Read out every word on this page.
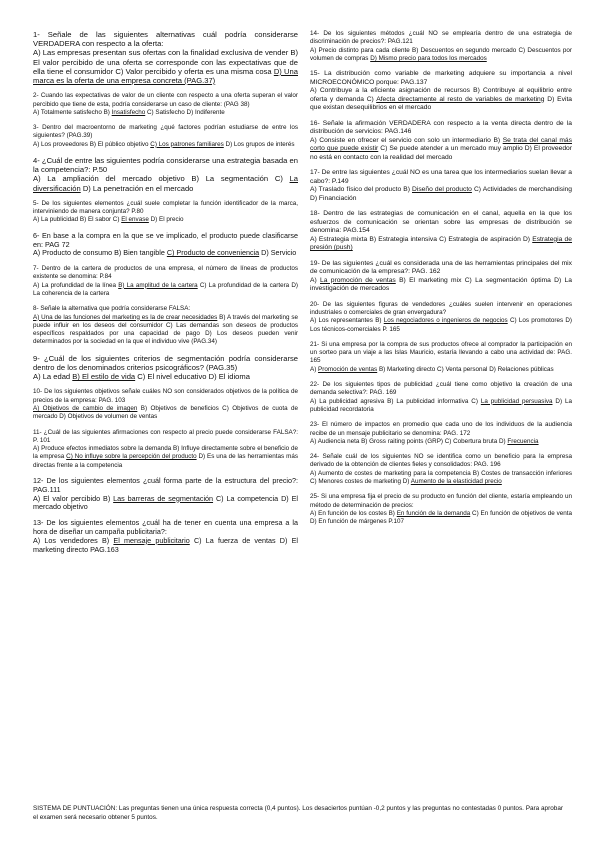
1- Señale de las siguientes alternativas cuál podría considerarse VERDADERA con respecto a la oferta:

A) Las empresas presentan sus ofertas con la finalidad exclusiva de vender B) El valor percibido de una oferta se corresponde con las expectativas que de ella tiene el consumidor C) Valor percibido y oferta es una misma cosa D) Una marca es la oferta de una empresa concreta (PAG.37)

2- Cuando las expectativas de valor de un cliente con respecto a una oferta superan el valor percibido que tiene de esta, podría considerarse un caso de cliente: (PAG 38)

A) Totalmente satisfecho B) Insatisfecho C) Satisfecho D) Indiferente

3- Dentro del macroentorno de marketing ¿qué factores podrían estudiarse de entre los siguientes? (PAG.39)

A) Los proveedores B) El público objetivo C) Los patrones familiares D) Los grupos de interés

4- ¿Cuál de entre las siguientes podría considerarse una estrategia basada en la competencia?: P.50

A) La ampliación del mercado objetivo B) La segmentación C) La diversificación D) La penetración en el mercado

5- De los siguientes elementos ¿cuál suele completar la función identificador de la marca, interviniendo de manera conjunta? P.80

A) La publicidad B) El sabor C) El envase D) El precio

6- En base a la compra en la que se ve implicado, el producto puede clasificarse en: PAG 72

A) Producto de consumo B) Bien tangible C) Producto de conveniencia D) Servicio

7- Dentro de la cartera de productos de una empresa, el número de líneas de productos existente se denomina: P.84

A) La profundidad de la línea B) La amplitud de la cartera C) La profundidad de la cartera D) La coherencia de la cartera

8- Señale la alternativa que podría considerarse FALSA:

A) Una de las funciones del marketing es la de crear necesidades B) A través del marketing se puede influir en los deseos del consumidor C) Las demandas son deseos de productos específicos respaldados por una capacidad de pago D) Los deseos pueden venir determinados por la sociedad en la que el individuo vive (PAG.34)

9- ¿Cuál de los siguientes criterios de segmentación podría considerarse dentro de los denominados criterios psicográficos? (PAG.35)

A) La edad B) El estilo de vida C) El nivel educativo D) El idioma

10- De los siguientes objetivos señale cuáles NO son considerados objetivos de la política de precios de la empresa: PAG. 103

A) Objetivos de cambio de imagen B) Objetivos de beneficios C) Objetivos de cuota de mercado D) Objetivos de volumen de ventas

11- ¿Cuál de las siguientes afirmaciones con respecto al precio puede considerarse FALSA?: P. 101

A) Produce efectos inmediatos sobre la demanda B) Influye directamente sobre el beneficio de la empresa C) No influye sobre la percepción del producto D) Es una de las herramientas más directas frente a la competencia

12- De los siguientes elementos ¿cuál forma parte de la estructura del precio?: PAG.111

A) El valor percibido B) Las barreras de segmentación C) La competencia D) El mercado objetivo

13- De los siguientes elementos ¿cuál ha de tener en cuenta una empresa a la hora de diseñar un campaña publicitaria?:

A) Los vendedores B) El mensaje publicitario C) La fuerza de ventas D) El marketing directo PAG.163

14- De los siguientes métodos ¿cuál NO se emplearía dentro de una estrategia de discriminación de precios?: PAG.121

A) Precio distinto para cada cliente B) Descuentos en segundo mercado C) Descuentos por volumen de compras D) Mismo precio para todos los mercados

15- La distribución como variable de marketing adquiere su importancia a nivel MICROECONÓMICO porque: PAG.137

A) Contribuye a la eficiente asignación de recursos B) Contribuye al equilibrio entre oferta y demanda C) Afecta directamente al resto de variables de marketing D) Evita que existan desequilibrios en el mercado

16- Señale la afirmación VERDADERA con respecto a la venta directa dentro de la distribución de servicios: PAG.146

A) Consiste en ofrecer el servicio con solo un intermediario B) Se trata del canal más corto que puede existir C) Se puede atender a un mercado muy amplio D) El proveedor no está en contacto con la realidad del mercado

17- De entre las siguientes ¿cuál NO es una tarea que los intermediarios suelan llevar a cabo?: P.149

A) Traslado físico del producto B) Diseño del producto C) Actividades de merchandising D) Financiación

18- Dentro de las estrategias de comunicación en el canal, aquella en la que los esfuerzos de comunicación se orientan sobre las empresas de distribución se denomina: PAG.154

A) Estrategia mixta B) Estrategia intensiva C) Estrategia de aspiración D) Estrategia de presión (push)

19- De las siguientes ¿cuál es considerada una de las herramientas principales del mix de comunicación de la empresa?: PAG. 162

A) La promoción de ventas B) El marketing mix C) La segmentación óptima D) La investigación de mercados

20- De las siguientes figuras de vendedores ¿cuáles suelen intervenir en operaciones industriales o comerciales de gran envergadura?

A) Los representantes B) Los negociadores o ingenieros de negocios C) Los promotores D) Los técnicos-comerciales P. 165

21- Si una empresa por la compra de sus productos ofrece al comprador la participación en un sorteo para un viaje a las Islas Mauricio, estaría llevando a cabo una actividad de: PAG. 165

A) Promoción de ventas B) Marketing directo C) Venta personal D) Relaciones públicas

22- De los siguientes tipos de publicidad ¿cuál tiene como objetivo la creación de una demanda selectiva?: PAG. 169

A) La publicidad agresiva B) La publicidad informativa C) La publicidad persuasiva D) La publicidad recordatoria

23- El número de impactos en promedio que cada uno de los individuos de la audiencia recibe de un mensaje publicitario se denomina: PAG. 172

A) Audiencia neta B) Gross raiting points (GRP) C) Cobertura bruta D) Frecuencia

24- Señale cuál de los siguientes NO se identifica como un beneficio para la empresa derivado de la obtención de clientes fieles y consolidados: PAG. 196

A) Aumento de costes de marketing para la competencia B) Costes de transacción inferiores C) Menores costes de marketing D) Aumento de la elasticidad precio

25- Si una empresa fija el precio de su producto en función del cliente, estaría empleando un método de determinación de precios:

A) En función de los costes B) En función de la demanda C) En función de objetivos de venta D) En función de márgenes P.107

SISTEMA DE PUNTUACIÓN: Las preguntas tienen una única respuesta correcta (0,4 puntos). Los desaciertos puntúan -0,2 puntos y las preguntas no contestadas 0 puntos. Para aprobar el examen será necesario obtener 5 puntos.
